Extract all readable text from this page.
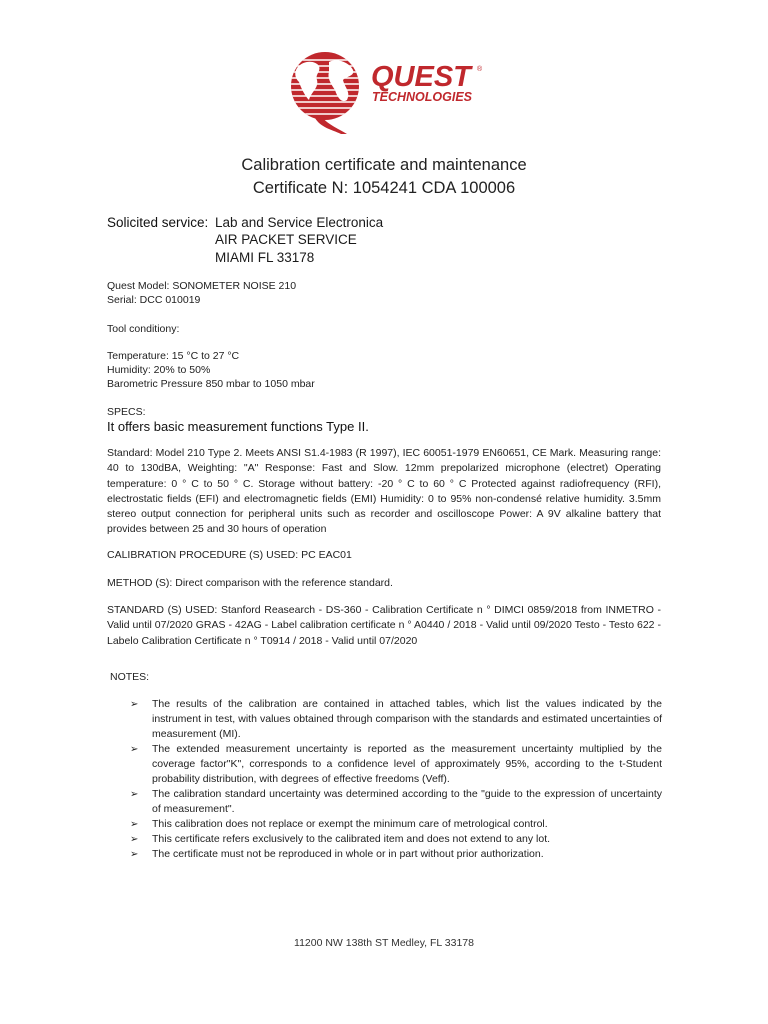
QUEST ®
TECHNOLOGIES
Calibration certificate and maintenance
Certificate N: 1054241 CDA 100006
Solicited service: Lab and Service Electronica
AIR PACKET SERVICE
MIAMI FL 33178
Quest Model: SONOMETER NOISE 210
Serial: DCC 010019
Tool conditiony:
Temperature: 15 °C to 27 °C
Humidity: 20% to 50%
Barometric Pressure 850 mbar to 1050 mbar
SPECS:
It offers basic measurement functions Type II.
Standard: Model 210 Type 2. Meets ANSI S1.4-1983 (R 1997), IEC 60051-1979 EN60651, CE Mark. Measuring range: 40 to 130dBA, Weighting: "A" Response: Fast and Slow. 12mm prepolarized microphone (electret) Operating temperature: 0 ° C to 50 ° C. Storage without battery: -20 ° C to 60 ° C Protected against radiofrequency (RFI), electrostatic fields (EFI) and electromagnetic fields (EMI) Humidity: 0 to 95% non-condensé relative humidity. 3.5mm stereo output connection for peripheral units such as recorder and oscilloscope Power: A 9V alkaline battery that provides between 25 and 30 hours of operation
CALIBRATION PROCEDURE (S) USED: PC EAC01
METHOD (S): Direct comparison with the reference standard.
STANDARD (S) USED: Stanford Reasearch - DS-360 - Calibration Certificate n ° DIMCI 0859/2018 from INMETRO - Valid until 07/2020 GRAS - 42AG - Label calibration certificate n ° A0440 / 2018 - Valid until 09/2020 Testo - Testo 622 - Labelo Calibration Certificate n ° T0914 / 2018 - Valid until 07/2020
NOTES:
➢ The results of the calibration are contained in attached tables, which list the values indicated by the instrument in test, with values obtained through comparison with the standards and estimated uncertainties of measurement (MI).
➢ The extended measurement uncertainty is reported as the measurement uncertainty multiplied by the coverage factor"K", corresponds to a confidence level of approximately 95%, according to the t-Student probability distribution, with degrees of effective freedoms (Veff).
➢ The calibration standard uncertainty was determined according to the "guide to the expression of uncertainty of measurement".
➢ This calibration does not replace or exempt the minimum care of metrological control.
➢ This certificate refers exclusively to the calibrated item and does not extend to any lot.
➢ The certificate must not be reproduced in whole or in part without prior authorization.
11200 NW 138th ST Medley, FL 33178
